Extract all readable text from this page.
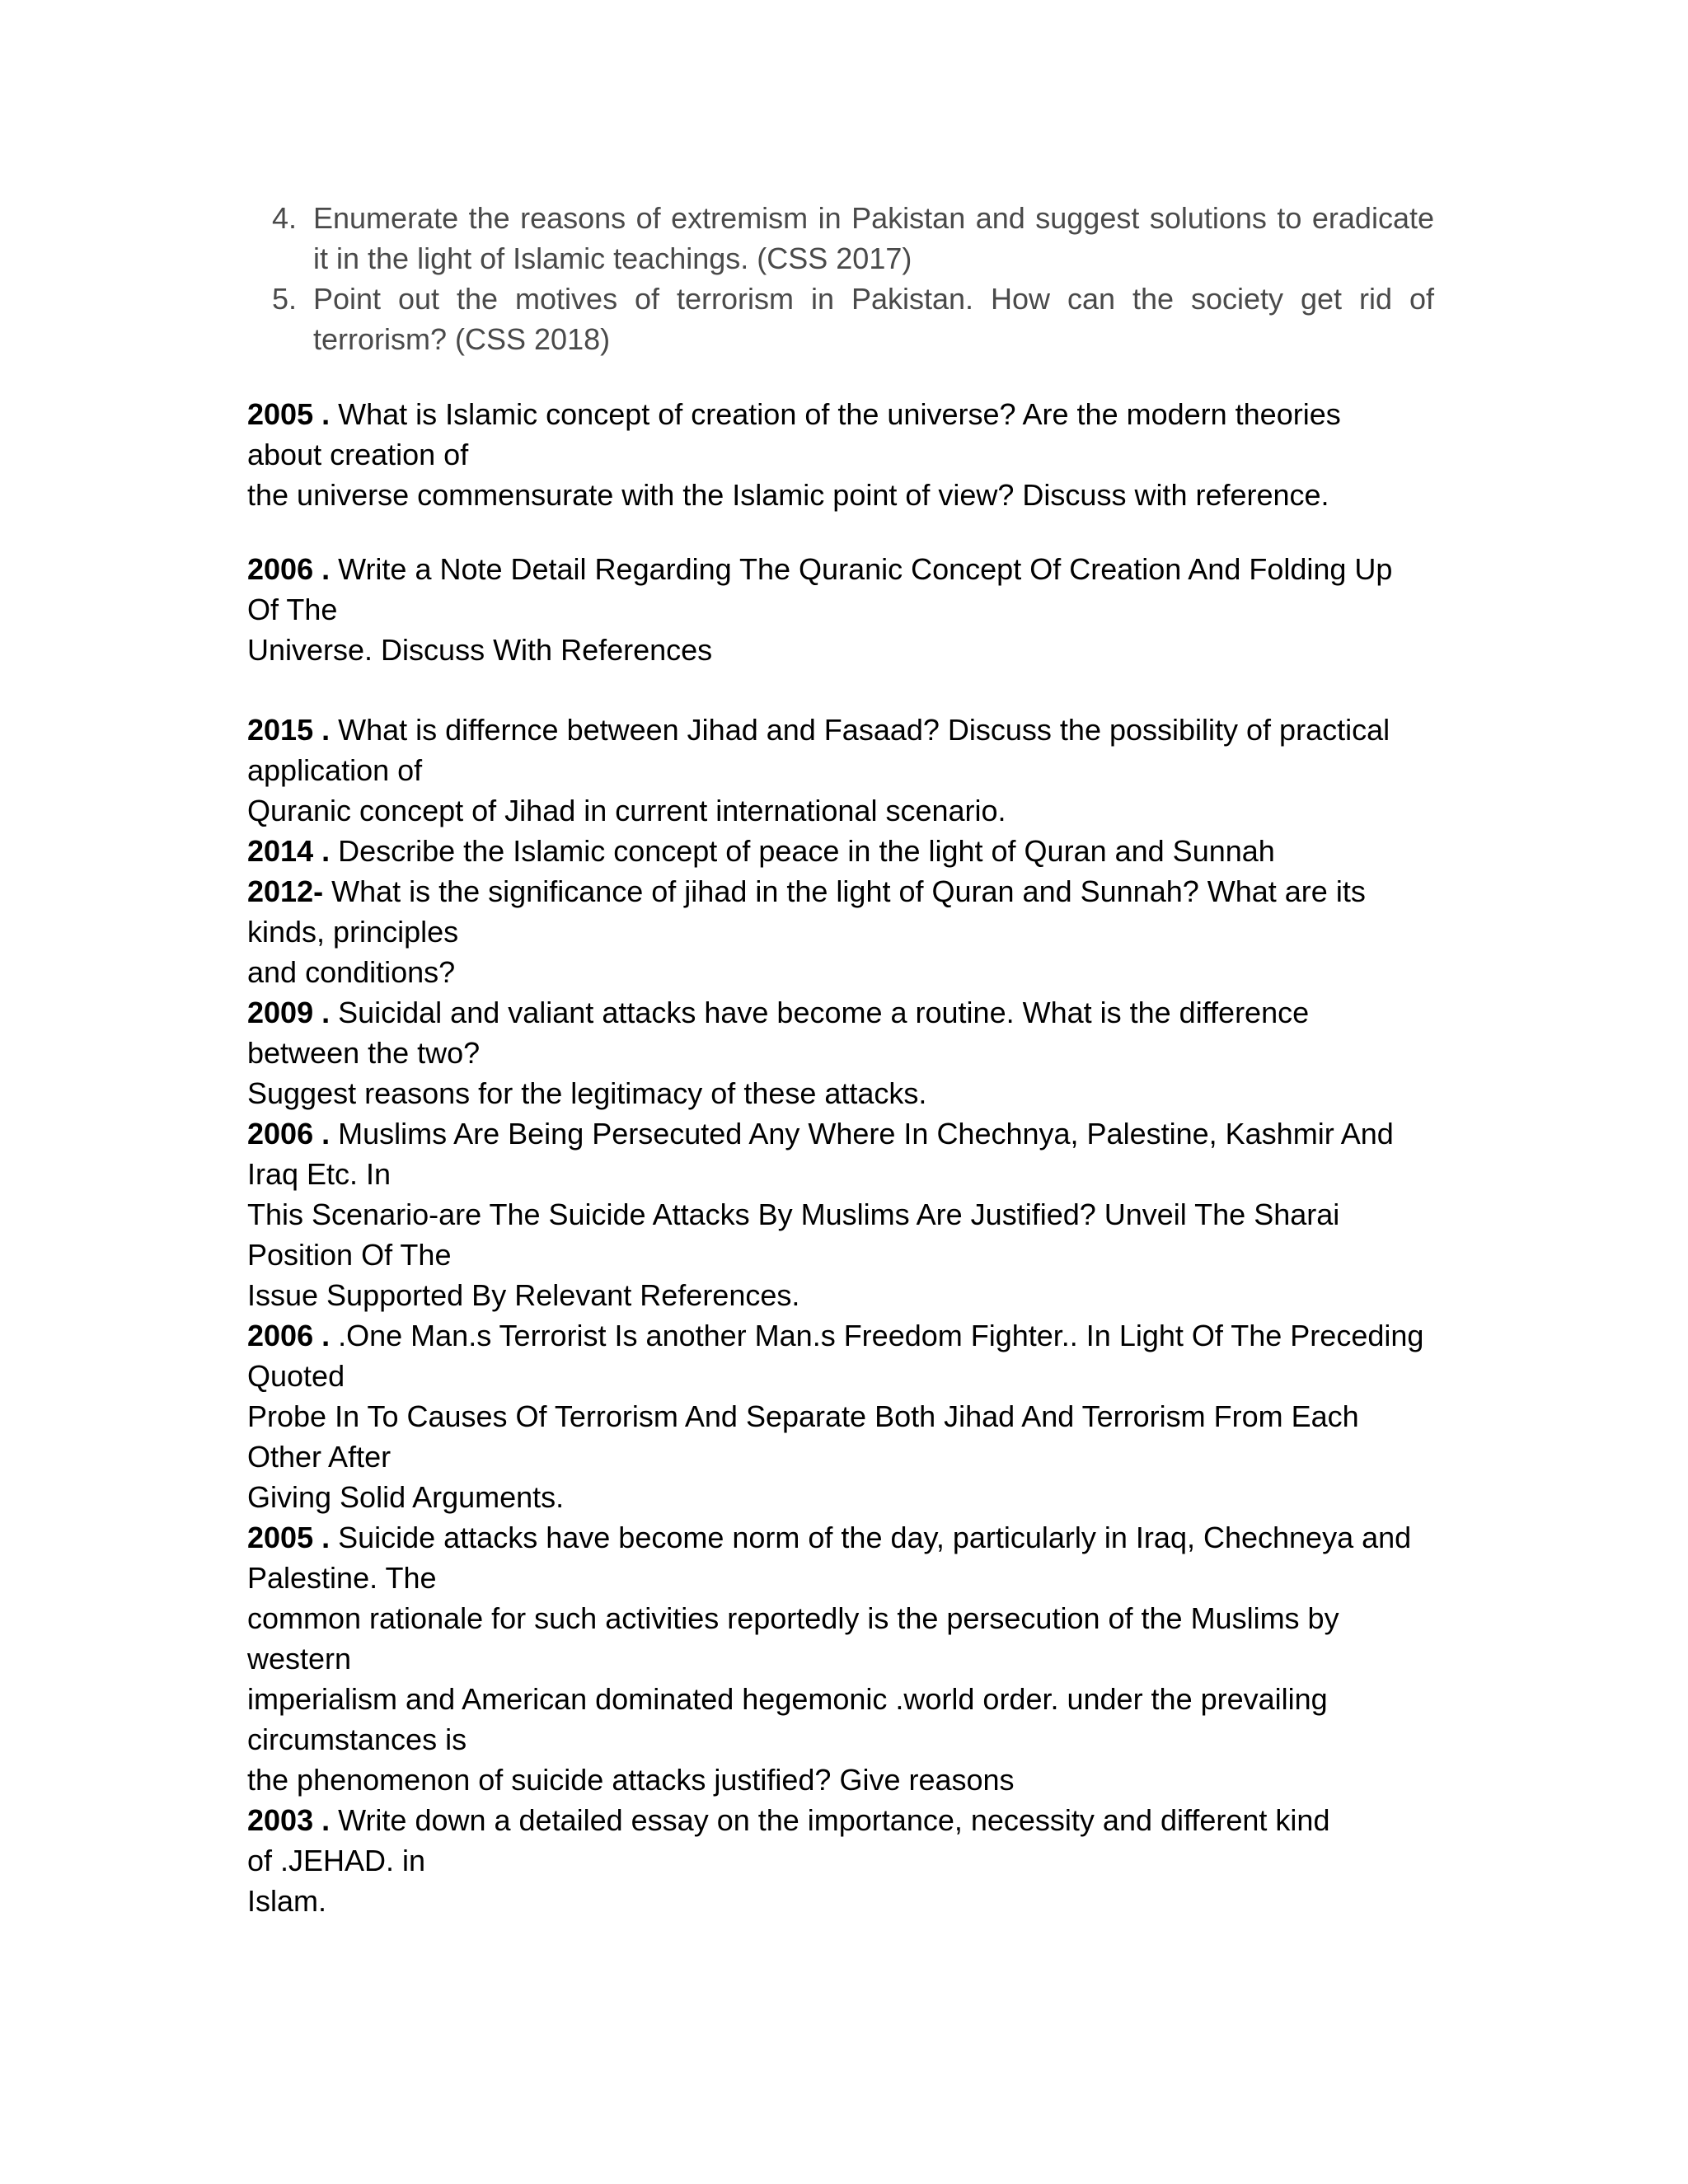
4. Enumerate the reasons of extremism in Pakistan and suggest solutions to eradicate it in the light of Islamic teachings. (CSS 2017)
5. Point out the motives of terrorism in Pakistan. How can the society get rid of terrorism? (CSS 2018)
2005 . What is Islamic concept of creation of the universe? Are the modern theories
about creation of
the universe commensurate with the Islamic point of view? Discuss with reference.
2006 . Write a Note Detail Regarding The Quranic Concept Of Creation And Folding Up
Of The
Universe. Discuss With References
2015 . What is differnce between Jihad and Fasaad? Discuss the possibility of practical
application of
Quranic concept of Jihad in current international scenario.
2014 . Describe the Islamic concept of peace in the light of Quran and Sunnah
2012- What is the significance of jihad in the light of Quran and Sunnah? What are its
kinds, principles
and conditions?
2009 . Suicidal and valiant attacks have become a routine. What is the difference
between the two?
Suggest reasons for the legitimacy of these attacks.
2006 . Muslims Are Being Persecuted Any Where In Chechnya, Palestine, Kashmir And
Iraq Etc. In
This Scenario-are The Suicide Attacks By Muslims Are Justified? Unveil The Sharai
Position Of The
Issue Supported By Relevant References.
2006 . .One Man.s Terrorist Is another Man.s Freedom Fighter.. In Light Of The Preceding
Quoted
Probe In To Causes Of Terrorism And Separate Both Jihad And Terrorism From Each
Other After
Giving Solid Arguments.
2005 . Suicide attacks have become norm of the day, particularly in Iraq, Chechneya and
Palestine. The
common rationale for such activities reportedly is the persecution of the Muslims by
western
imperialism and American dominated hegemonic .world order. under the prevailing
circumstances is
the phenomenon of suicide attacks justified? Give reasons
2003 . Write down a detailed essay on the importance, necessity and different kind
of .JEHAD. in
Islam.
